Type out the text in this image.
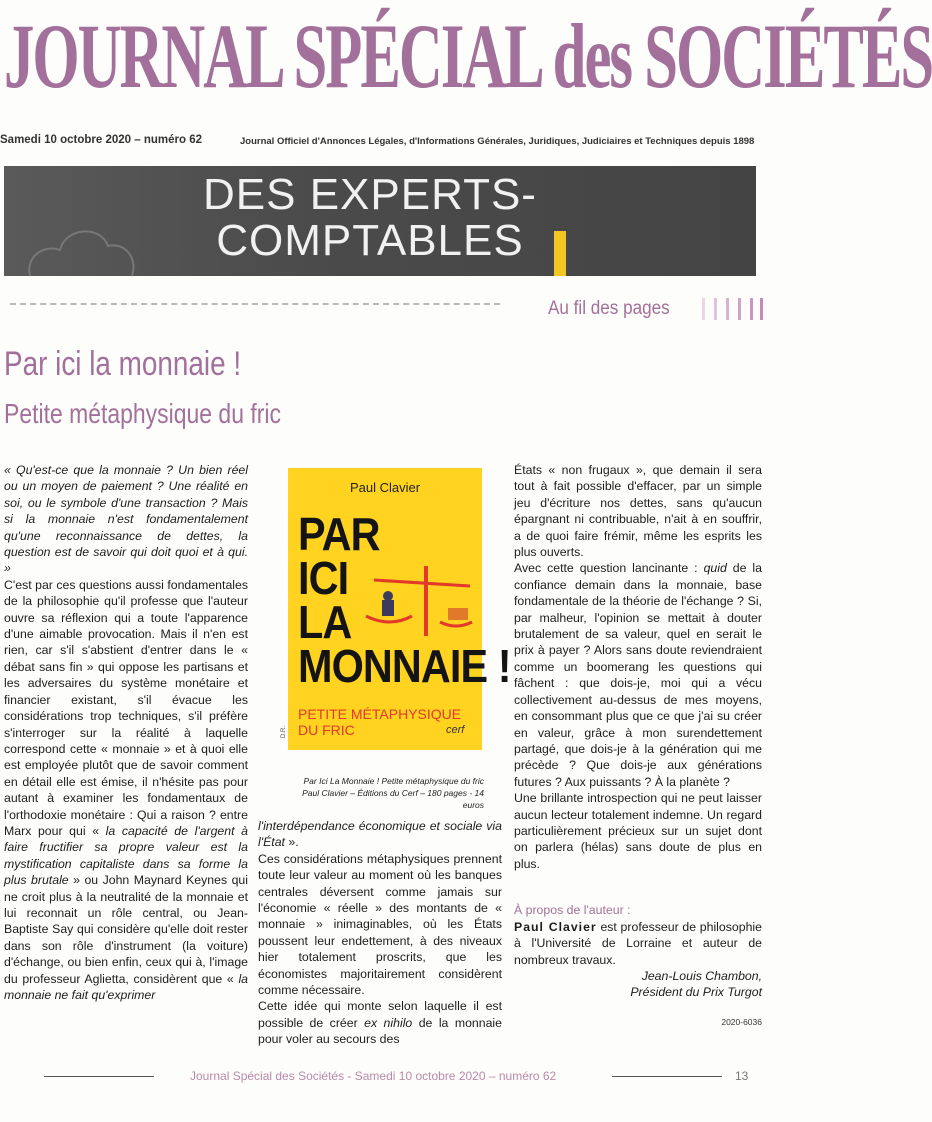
JOURNAL SPÉCIAL des SOCIÉTÉS
Samedi 10 octobre 2020 – numéro 62	Journal Officiel d'Annonces Légales, d'Informations Générales, Juridiques, Judiciaires et Techniques depuis 1898
DES EXPERTS-
COMPTABLES
Au fil des pages
Par ici la monnaie !
Petite métaphysique du fric

« Qu'est-ce que la monnaie ? Un bien réel ou un moyen de paiement ? Une réalité en soi, ou le symbole d'une transaction ? Mais si la monnaie n'est fondamentalement qu'une reconnaissance de dettes, la question est de savoir qui doit quoi et à qui. »

C'est par ces questions aussi fondamentales de la philosophie qu'il professe que l'auteur ouvre sa réflexion qui a toute l'apparence d'une aimable provocation. Mais il n'en est rien, car s'il s'abstient d'entrer dans le « débat sans fin » qui oppose les partisans et les adversaires du système monétaire et financier existant, s'il évacue les considérations trop techniques, s'il préfère s'interroger sur la réalité à laquelle correspond cette « monnaie » et à quoi elle est employée plutôt que de savoir comment en détail elle est émise, il n'hésite pas pour autant à examiner les fondamentaux de l'orthodoxie monétaire : Qui a raison ? entre Marx pour qui « la capacité de l'argent à faire fructifier sa propre valeur est la mystification capitaliste dans sa forme la plus brutale » ou John Maynard Keynes qui ne croit plus à la neutralité de la monnaie et lui reconnait un rôle central, ou Jean-Baptiste Say qui considère qu'elle doit rester dans son rôle d'instrument (la voiture) d'échange, ou bien enfin, ceux qui à, l'image du professeur Aglietta, considèrent que « la monnaie ne fait qu'exprimer

Paul Clavier
PAR
ICI
LA
MONNAIE !
PETITE MÉTAPHYSIQUE
DU FRIC	cerf
D.R.
Par Ici La Monnaie ! Petite métaphysique du fric
Paul Clavier – Éditions du Cerf – 180 pages - 14 euros

l'interdépendance économique et sociale via l'État ».

Ces considérations métaphysiques prennent toute leur valeur au moment où les banques centrales déversent comme jamais sur l'économie « réelle » des montants de « monnaie » inimaginables, où les États poussent leur endettement, à des niveaux hier totalement proscrits, que les économistes majoritairement considèrent comme nécessaire.

Cette idée qui monte selon laquelle il est possible de créer ex nihilo de la monnaie pour voler au secours des

États « non frugaux », que demain il sera tout à fait possible d'effacer, par un simple jeu d'écriture nos dettes, sans qu'aucun épargnant ni contribuable, n'ait à en souffrir, a de quoi faire frémir, même les esprits les plus ouverts.

Avec cette question lancinante : quid de la confiance demain dans la monnaie, base fondamentale de la théorie de l'échange ? Si, par malheur, l'opinion se mettait à douter brutalement de sa valeur, quel en serait le prix à payer ? Alors sans doute reviendraient comme un boomerang les questions qui fâchent : que dois-je, moi qui a vécu collectivement au-dessus de mes moyens, en consommant plus que ce que j'ai su créer en valeur, grâce à mon surendettement partagé, que dois-je à la génération qui me précède ? Que dois-je aux générations futures ? Aux puissants ? À la planète ?

Une brillante introspection qui ne peut laisser aucun lecteur totalement indemne. Un regard particulièrement précieux sur un sujet dont on parlera (hélas) sans doute de plus en plus.

À propos de l'auteur :
Paul Clavier est professeur de philosophie à l'Université de Lorraine et auteur de nombreux travaux.
Jean-Louis Chambon,
Président du Prix Turgot
2020-6036
Journal Spécial des Sociétés - Samedi 10 octobre 2020 – numéro 62	13
